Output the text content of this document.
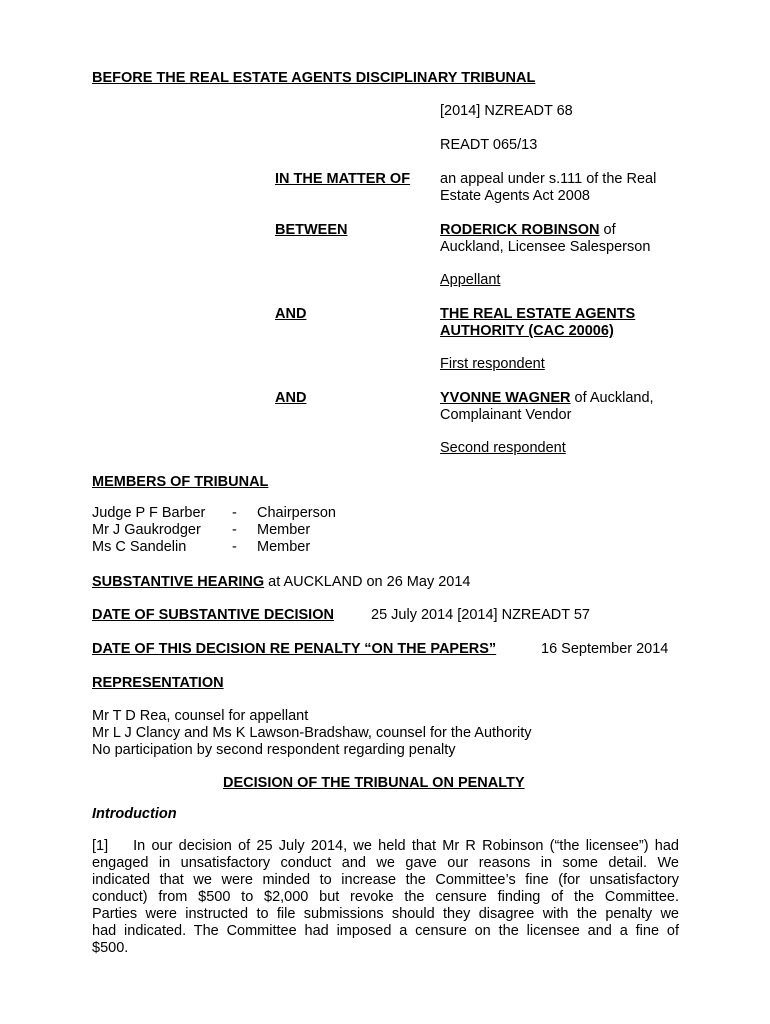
BEFORE THE REAL ESTATE AGENTS DISCIPLINARY TRIBUNAL
[2014] NZREADT 68
READT 065/13
IN THE MATTER OF an appeal under s.111 of the Real
Estate Agents Act 2008
BETWEEN	RODERICK ROBINSON of
Auckland, Licensee Salesperson
Appellant
AND	THE REAL ESTATE AGENTS
AUTHORITY (CAC 20006)
First respondent
AND	YVONNE WAGNER of Auckland,
Complainant Vendor
Second respondent
MEMBERS OF TRIBUNAL
Judge P F Barber - Chairperson
Mr J Gaukrodger - Member
Ms C Sandelin	- Member
SUBSTANTIVE HEARING at AUCKLAND on 26 May 2014
DATE OF SUBSTANTIVE DECISION	25 July 2014 [2014] NZREADT 57
DATE OF THIS DECISION RE PENALTY “ON THE PAPERS”	16 September 2014
REPRESENTATION
Mr T D Rea, counsel for appellant
Mr L J Clancy and Ms K Lawson-Bradshaw, counsel for the Authority
No participation by second respondent regarding penalty
DECISION OF THE TRIBUNAL ON PENALTY
Introduction
[1]    In our decision of 25 July 2014, we held that Mr R Robinson (“the licensee”) had
engaged in unsatisfactory conduct and we gave our reasons in some detail. We
indicated that we were minded to increase the Committee’s fine (for unsatisfactory
conduct) from $500 to $2,000 but revoke the censure finding of the Committee.
Parties were instructed to file submissions should they disagree with the penalty we
had indicated. The Committee had imposed a censure on the licensee and a fine of
$500.
